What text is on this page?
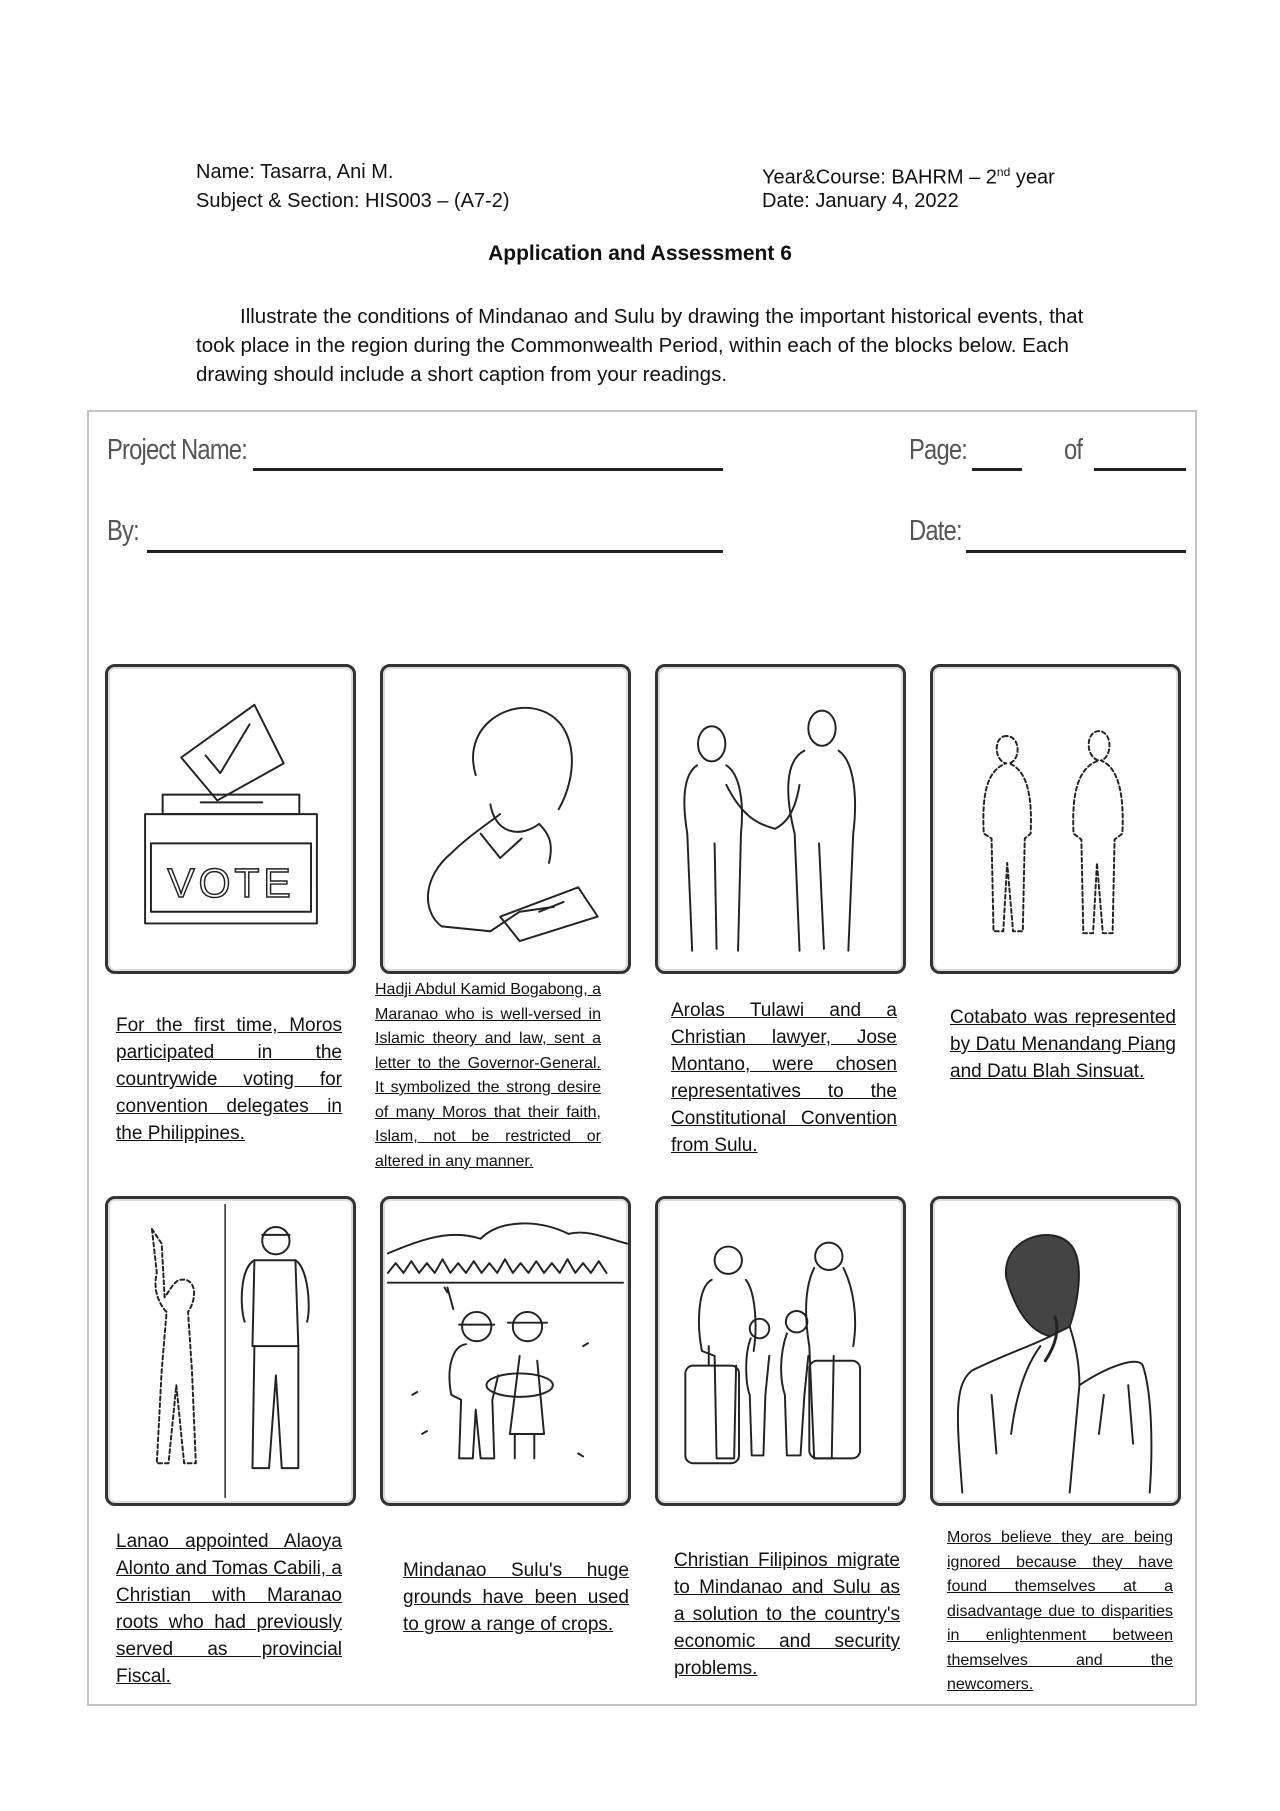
Name: Tasarra, Ani M.
Subject & Section: HIS003 – (A7-2)
Year&Course: BAHRM – 2nd year
Date: January 4, 2022
Application and Assessment 6

Illustrate the conditions of Mindanao and Sulu by drawing the important historical events, that took place in the region during the Commonwealth Period, within each of the blocks below. Each drawing should include a short caption from your readings.

Project Name:	Page:	of
By:	Date:
VOTE
For the first time, Moros participated in the countrywide voting for convention delegates in the Philippines.
Hadji Abdul Kamid Bogabong, a Maranao who is well-versed in Islamic theory and law, sent a letter to the Governor-General. It symbolized the strong desire of many Moros that their faith, Islam, not be restricted or altered in any manner.
Arolas Tulawi and a Christian lawyer, Jose Montano, were chosen representatives to the Constitutional Convention from Sulu.
Cotabato was represented by Datu Menandang Piang and Datu Blah Sinsuat.
Lanao appointed Alaoya Alonto and Tomas Cabili, a Christian with Maranao roots who had previously served as provincial Fiscal.
Mindanao Sulu's huge grounds have been used to grow a range of crops.
Christian Filipinos migrate to Mindanao and Sulu as a solution to the country's economic and security problems.
Moros believe they are being ignored because they have found themselves at a disadvantage due to disparities in enlightenment between themselves and the newcomers.
